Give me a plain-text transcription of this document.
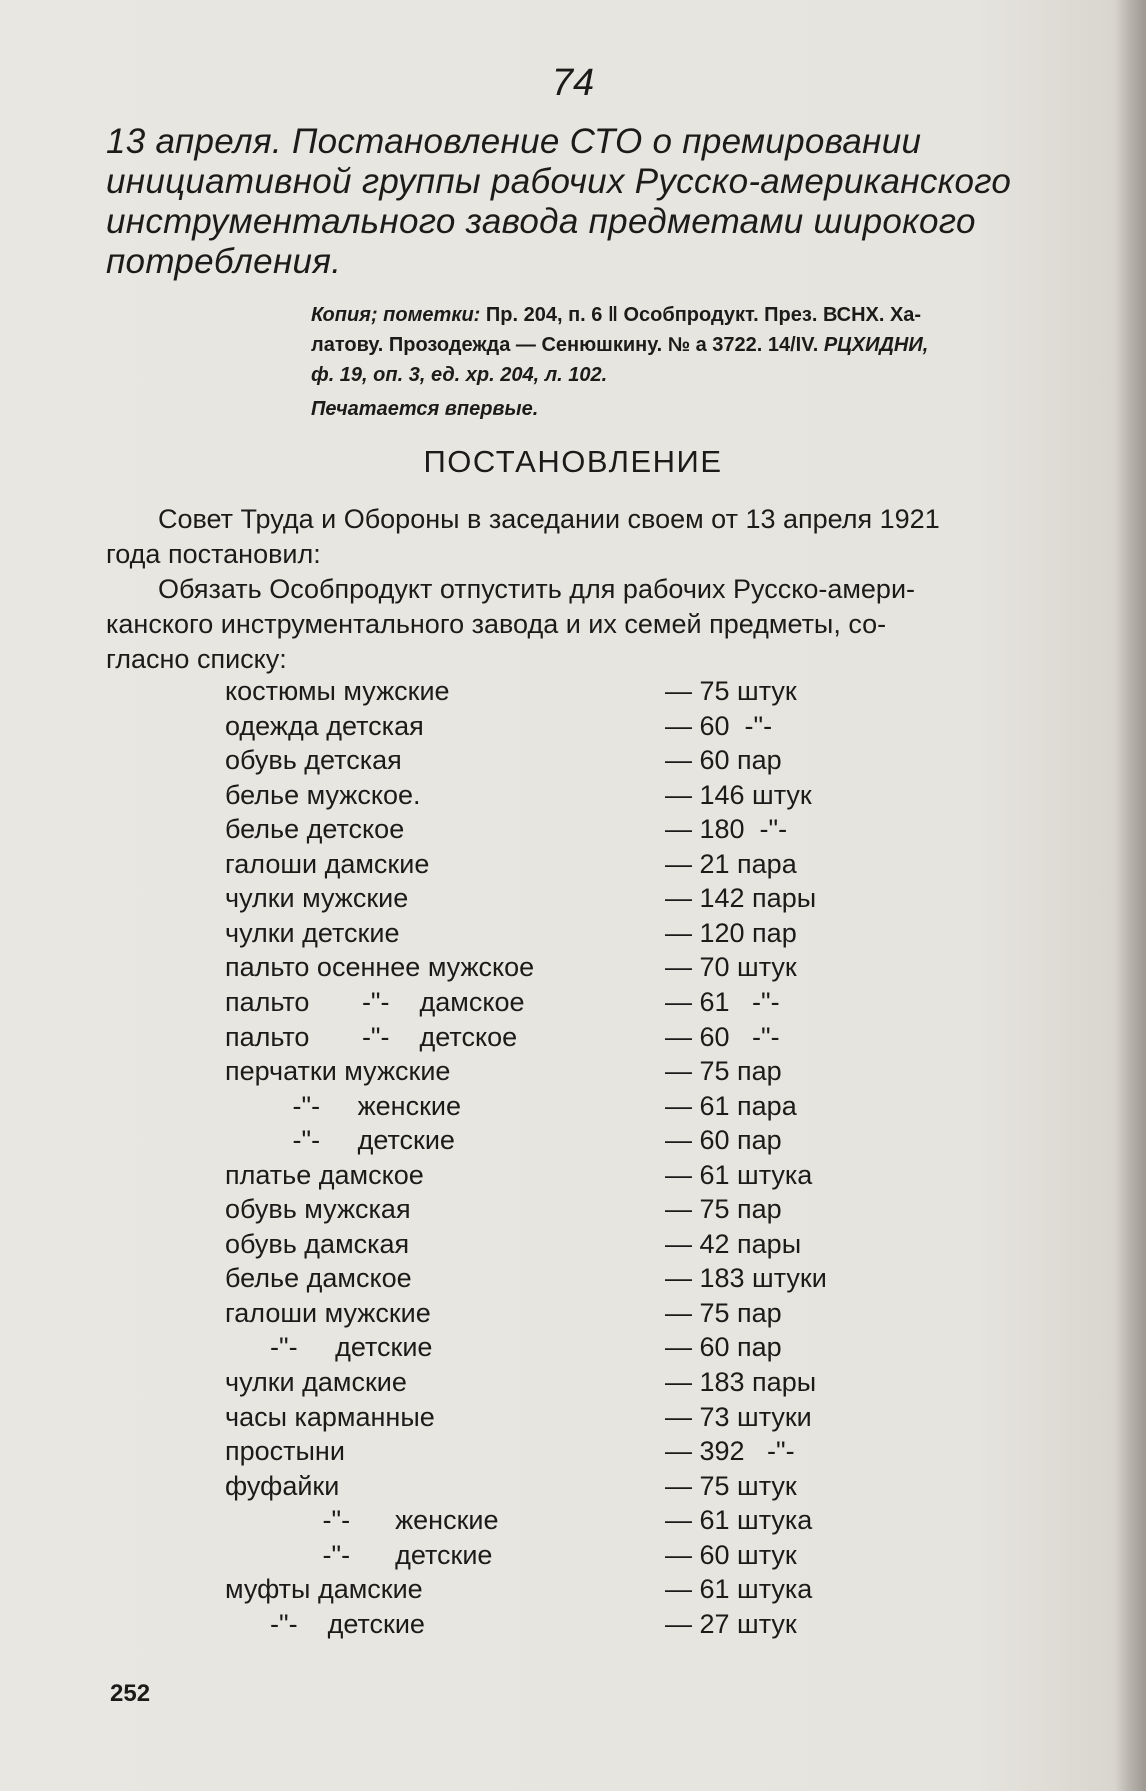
74
13 апреля. Постановление СТО о премировании
инициативной группы рабочих Русско-американского
инструментального завода предметами широкого
потребления.
Копия; пометки: Пр. 204, п. 6 ‖ Особпродукт. През. ВСНХ. Ха-
латову. Прозодежда — Сенюшкину. № а 3722. 14/IV. РЦХИДНИ,
ф. 19, оп. 3, ед. хр. 204, л. 102.
Печатается впервые.
ПОСТАНОВЛЕНИЕ
Совет Труда и Обороны в заседании своем от 13 апреля 1921
года постановил:
Обязать Особпродукт отпустить для рабочих Русско-амери-
канского инструментального завода и их семей предметы, со-
гласно списку:
костюмы мужские	— 75 штук
одежда детская	— 60  -"-
обувь детская	— 60 пар
белье мужское.	— 146 штук
белье детское	— 180  -"-
галоши дамские	— 21 пара
чулки мужские	— 142 пары
чулки детские	— 120 пар
пальто осеннее мужское	— 70 штук
пальто       -"-    дамское	— 61   -"-
пальто       -"-    детское	— 60   -"-
перчатки мужские	— 75 пар
-"-     женские	— 61 пара
-"-     детские	— 60 пар
платье дамское	— 61 штука
обувь мужская	— 75 пар
обувь дамская	— 42 пары
белье дамское	— 183 штуки
галоши мужские	— 75 пар
-"-     детские	— 60 пар
чулки дамские	— 183 пары
часы карманные	— 73 штуки
простыни	— 392   -"-
фуфайки	— 75 штук
-"-      женские	— 61 штука
-"-      детские	— 60 штук
муфты дамские	— 61 штука
-"-    детские	— 27 штук
252
